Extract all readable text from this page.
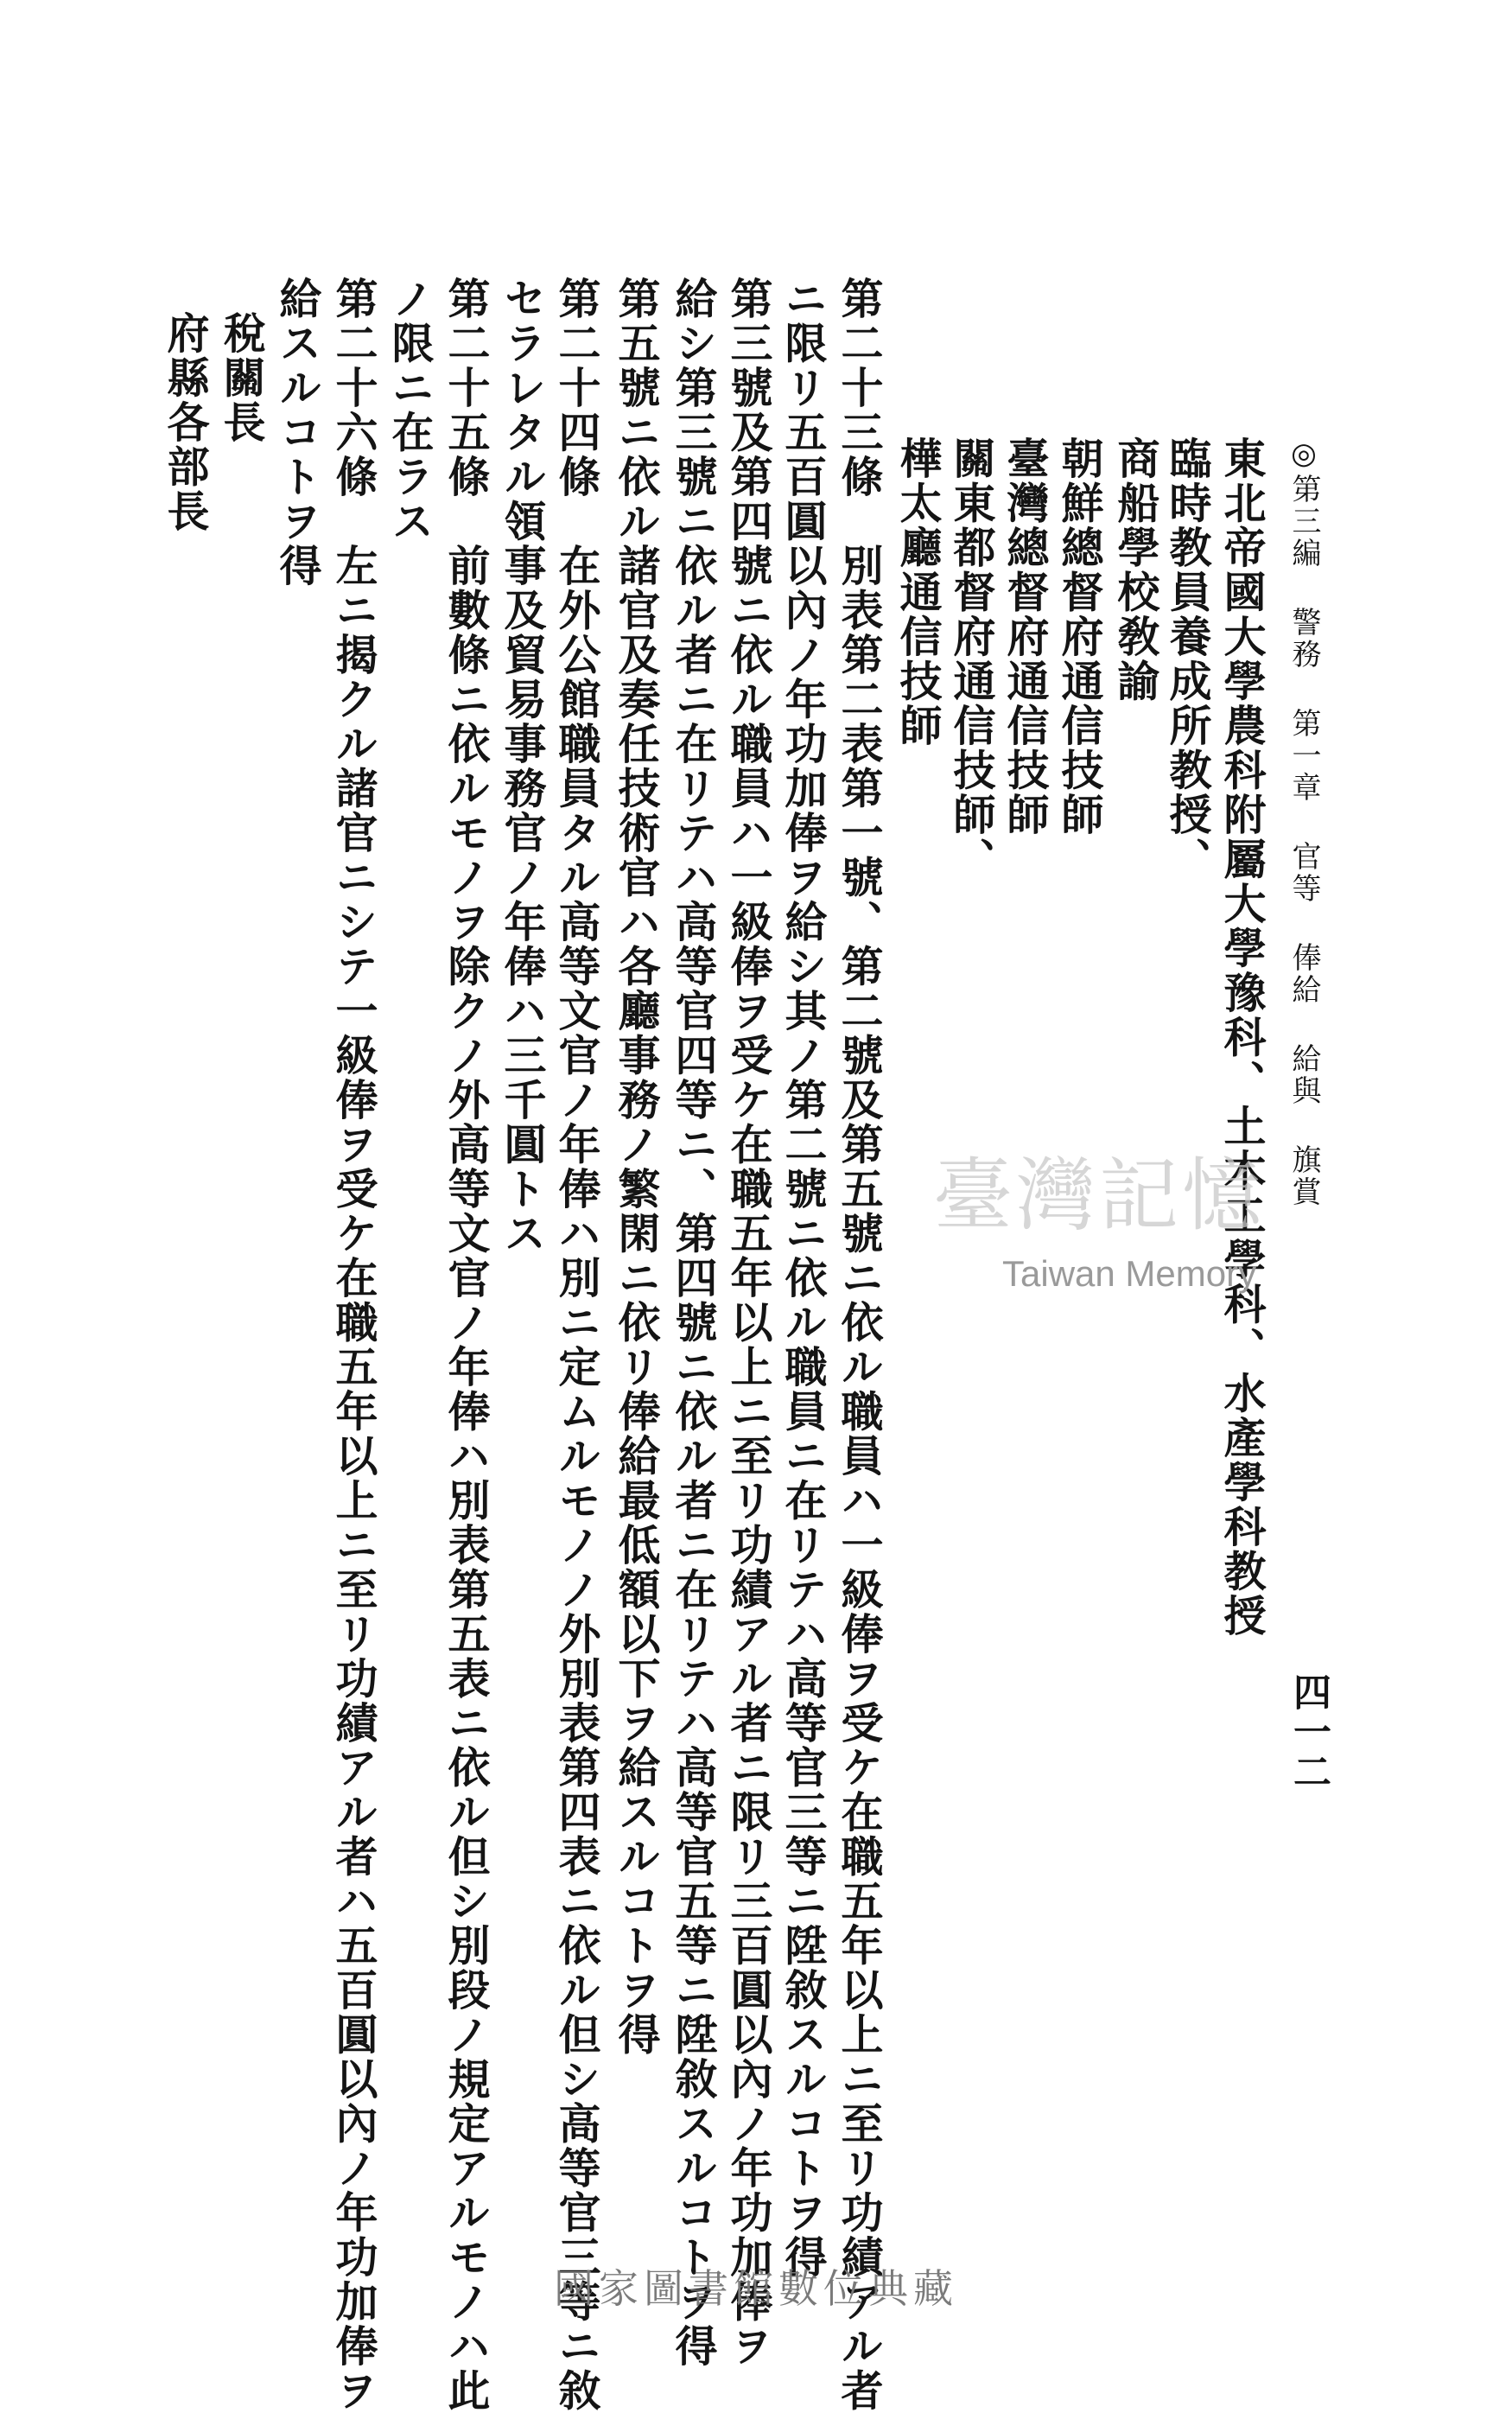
◎第三編 警務 第一章 官等 俸給 給與 旗賞
四一二
東北帝國大學農科附屬大學豫科、土木工學科、水產學科教授
臨時教員養成所教授、
商船學校敎諭
朝鮮總督府通信技師
臺灣總督府通信技師
關東都督府通信技師、
樺太廳通信技師
第二十三條　別表第二表第一號、第二號及第五號ニ依ル職員ハ一級俸ヲ受ケ在職五年以上ニ至リ功績アル者
ニ限リ五百圓以內ノ年功加俸ヲ給シ其ノ第二號ニ依ル職員ニ在リテハ高等官三等ニ陞敘スルコトヲ得
第三號及第四號ニ依ル職員ハ一級俸ヲ受ケ在職五年以上ニ至リ功績アル者ニ限リ三百圓以內ノ年功加俸ヲ
給シ第三號ニ依ル者ニ在リテハ高等官四等ニ、第四號ニ依ル者ニ在リテハ高等官五等ニ陞敘スルコトヲ得
第五號ニ依ル諸官及奏任技術官ハ各廳事務ノ繁閑ニ依リ俸給最低額以下ヲ給スルコトヲ得
第二十四條　在外公館職員タル高等文官ノ年俸ハ別ニ定ムルモノノ外別表第四表ニ依ル但シ高等官三等ニ敘
セラレタル領事及貿易事務官ノ年俸ハ三千圓トス
第二十五條　前數條ニ依ルモノヲ除クノ外高等文官ノ年俸ハ別表第五表ニ依ル但シ別段ノ規定アルモノハ此
ノ限ニ在ラス
第二十六條　左ニ揭クル諸官ニシテ一級俸ヲ受ケ在職五年以上ニ至リ功績アル者ハ五百圓以內ノ年功加俸ヲ
給スルコトヲ得
稅關長
府縣各部長
臺灣記憶
Taiwan Memory
國家圖書館數位典藏
